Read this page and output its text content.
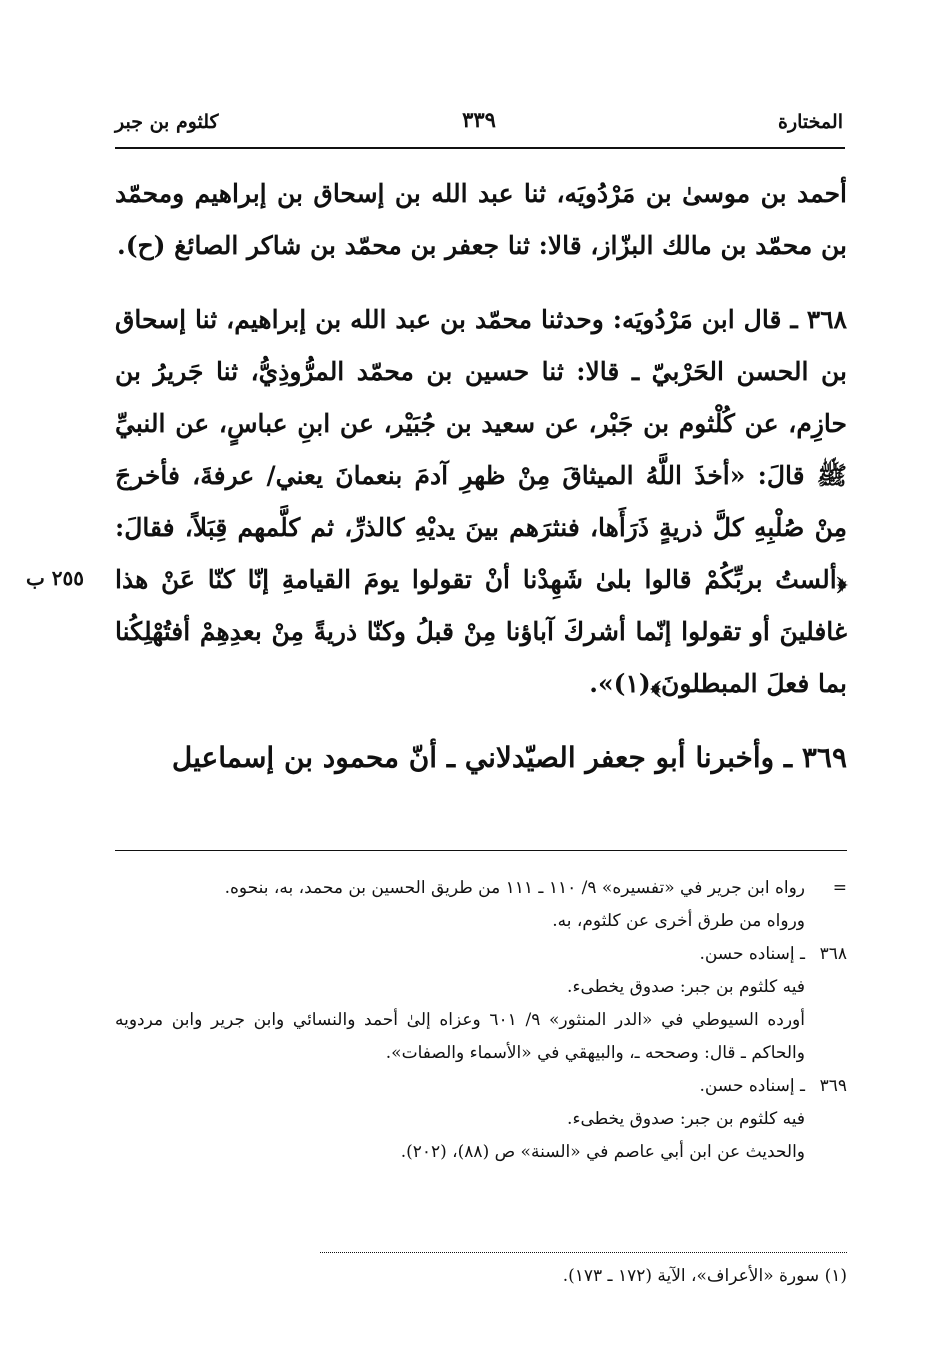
المختارة
٣٣٩
كلثوم بن جبر

أحمد بن موسىٰ بن مَرْدُويَه، ثنا عبد الله بن إسحاق بن إبراهيم ومحمّد بن محمّد بن مالك البزّاز، قالا: ثنا جعفر بن محمّد بن شاكر الصائغ (ح).

٣٦٨ ـ قال ابن مَرْدُويَه: وحدثنا محمّد بن عبد الله بن إبراهيم، ثنا إسحاق بن الحسن الحَرْبيّ ـ قالا: ثنا حسين بن محمّد المرُّوذِيُّ، ثنا جَريرُ بن حازِم، عن كُلْثوم بن جَبْر، عن سعيد بن جُبَيْر، عن ابنِ عباسٍ، عن النبيِّ ﷺ قالَ: «أخذَ اللَّهُ الميثاقَ مِنْ ظهرِ آدمَ بنعمانَ يعني/ عرفةَ، فأخرجَ مِنْ صُلْبِهِ كلَّ ذريةٍ ذَرَأَها، فنثرَهم بينَ يديْهِ كالذرِّ، ثم كلَّمهم قِبَلاً، فقالَ: ﴿ألستُ بربِّكُمْ قالوا بلىٰ شَهِدْنا أنْ تقولوا يومَ القيامةِ إنّا كنّا عَنْ هذا غافلينَ أو تقولوا إنّما أشركَ آباؤنا مِنْ قبلُ وكنّا ذريةً مِنْ بعدِهِمْ أفتُهْلِكُنا بما فعلَ المبطلونَ﴾(١)».

٣٦٩ ـ وأخبرنا أبو جعفر الصيّدلاني ـ أنّ محمود بن إسماعيل

٢٥٥ ب
=
رواه ابن جرير في «تفسيره» ٩/ ١١٠ ـ ١١١ من طريق الحسين بن محمد، به، بنحوه.
ورواه من طرق أخرى عن كلثوم، به.
٣٦٨
ـ إسناده حسن.
فيه كلثوم بن جبر: صدوق يخطىء.
أورده السيوطي في «الدر المنثور» ٩/ ٦٠١ وعزاه إلىٰ أحمد والنسائي وابن جرير وابن مردويه والحاكم ـ قال: وصححه ـ، والبيهقي في «الأسماء والصفات».
٣٦٩
ـ إسناده حسن.
فيه كلثوم بن جبر: صدوق يخطىء.
والحديث عن ابن أبي عاصم في «السنة» ص (٨٨)، (٢٠٢).
(١) سورة «الأعراف»، الآية (١٧٢ ـ ١٧٣).
